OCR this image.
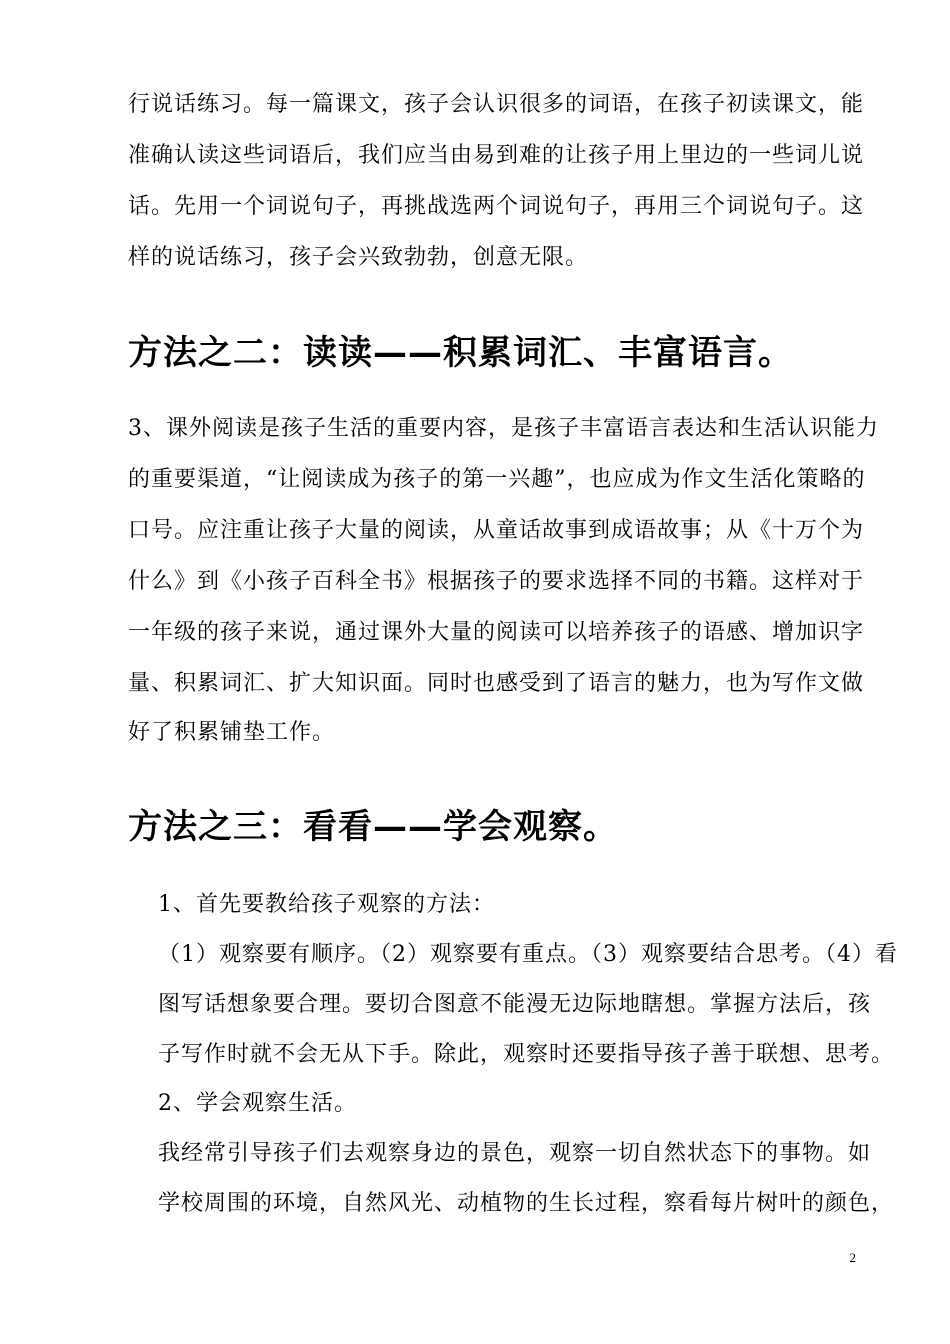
行说话练习。每一篇课文，孩子会认识很多的词语，在孩子初读课文，能
准确认读这些词语后，我们应当由易到难的让孩子用上里边的一些词儿说
话。先用一个词说句子，再挑战选两个词说句子，再用三个词说句子。这
样的说话练习，孩子会兴致勃勃，创意无限。
方法之二：读读——积累词汇、丰富语言。
3、课外阅读是孩子生活的重要内容，是孩子丰富语言表达和生活认识能力
的重要渠道，“让阅读成为孩子的第一兴趣”，也应成为作文生活化策略的
口号。应注重让孩子大量的阅读，从童话故事到成语故事；从《十万个为
什么》到《小孩子百科全书》根据孩子的要求选择不同的书籍。这样对于
一年级的孩子来说，通过课外大量的阅读可以培养孩子的语感、增加识字
量、积累词汇、扩大知识面。同时也感受到了语言的魅力，也为写作文做
好了积累铺垫工作。
方法之三：看看——学会观察。
1、首先要教给孩子观察的方法：
（1）观察要有顺序。（2）观察要有重点。（3）观察要结合思考。（4）看
图写话想象要合理。要切合图意不能漫无边际地瞎想。掌握方法后，孩
子写作时就不会无从下手。除此，观察时还要指导孩子善于联想、思考。
2、学会观察生活。
我经常引导孩子们去观察身边的景色，观察一切自然状态下的事物。如
学校周围的环境，自然风光、动植物的生长过程，察看每片树叶的颜色，
2
